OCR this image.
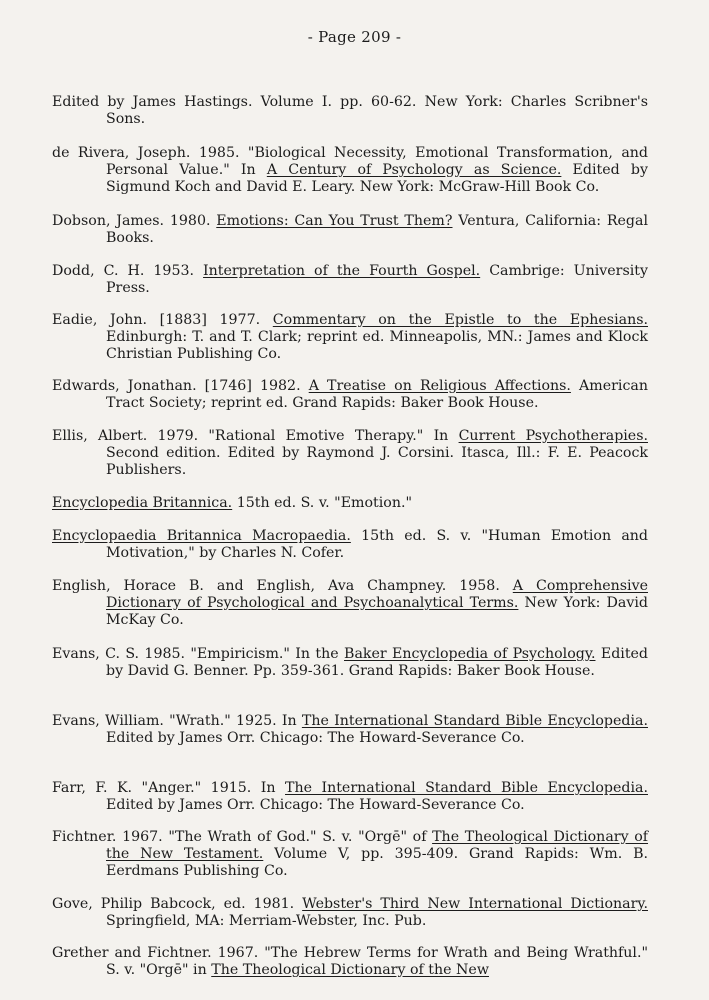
- Page 209 -
Edited by James Hastings. Volume I. pp. 60-62. New York: Charles Scribner's Sons.
de Rivera, Joseph. 1985. "Biological Necessity, Emotional Transformation, and Personal Value." In A Century of Psychology as Science. Edited by Sigmund Koch and David E. Leary. New York: McGraw-Hill Book Co.
Dobson, James. 1980. Emotions: Can You Trust Them? Ventura, California: Regal Books.
Dodd, C. H. 1953. Interpretation of the Fourth Gospel. Cambrige: University Press.
Eadie, John. [1883] 1977. Commentary on the Epistle to the Ephesians. Edinburgh: T. and T. Clark; reprint ed. Minneapolis, MN.: James and Klock Christian Publishing Co.
Edwards, Jonathan. [1746] 1982. A Treatise on Religious Affections. American Tract Society; reprint ed. Grand Rapids: Baker Book House.
Ellis, Albert. 1979. "Rational Emotive Therapy." In Current Psychotherapies. Second edition. Edited by Raymond J. Corsini. Itasca, Ill.: F. E. Peacock Publishers.
Encyclopedia Britannica. 15th ed. S. v. "Emotion."
Encyclopaedia Britannica Macropaedia. 15th ed. S. v. "Human Emotion and Motivation," by Charles N. Cofer.
English, Horace B. and English, Ava Champney. 1958. A Comprehensive Dictionary of Psychological and Psychoanalytical Terms. New York: David McKay Co.
Evans, C. S. 1985. "Empiricism." In the Baker Encyclopedia of Psychology. Edited by David G. Benner. Pp. 359-361. Grand Rapids: Baker Book House.
Evans, William. "Wrath." 1925. In The International Standard Bible Encyclopedia. Edited by James Orr. Chicago: The Howard-Severance Co.
Farr, F. K. "Anger." 1915. In The International Standard Bible Encyclopedia. Edited by James Orr. Chicago: The Howard-Severance Co.
Fichtner. 1967. "The Wrath of God." S. v. "Orgē" of The Theological Dictionary of the New Testament. Volume V, pp. 395-409. Grand Rapids: Wm. B. Eerdmans Publishing Co.
Gove, Philip Babcock, ed. 1981. Webster's Third New International Dictionary. Springfield, MA: Merriam-Webster, Inc. Pub.
Grether and Fichtner. 1967. "The Hebrew Terms for Wrath and Being Wrathful." S. v. "Orgē" in The Theological Dictionary of the New
